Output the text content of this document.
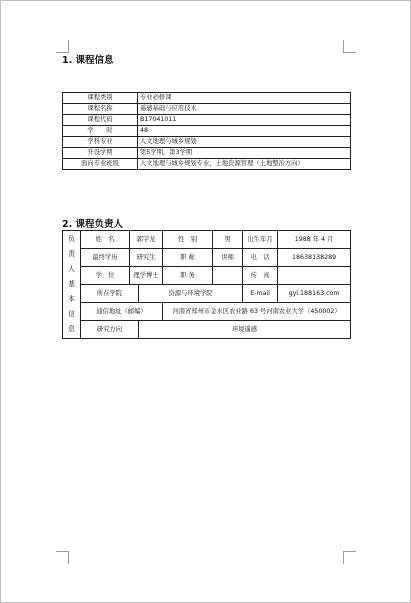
1. 课程信息
课程类别	专业必修课
课程名称	遥感基础与应用技术
课程代码	B17041011
学　　时	48
学科专业	人文地理与城乡规划
开设学期	第5学期，第3学期
面向专业班级	人文地理与城乡规划专业，土地资源管理（土地整治方向）
2. 课程负责人
负责人基本信息	姓　名	郭宇龙		性　别	男	出生年月	1988 年 4 月
	最终学历	研究生		职 称	讲师	电　话	18638138289
	学　位	理学博士		职 务		传　真	
	所在学院		资源与环境学院			E-mail	gyl.188163.com
	通信地址（邮编）			河南省郑州市金水区农业路 63 号河南农业大学（450002）			
	研究方向		环境遥感				
